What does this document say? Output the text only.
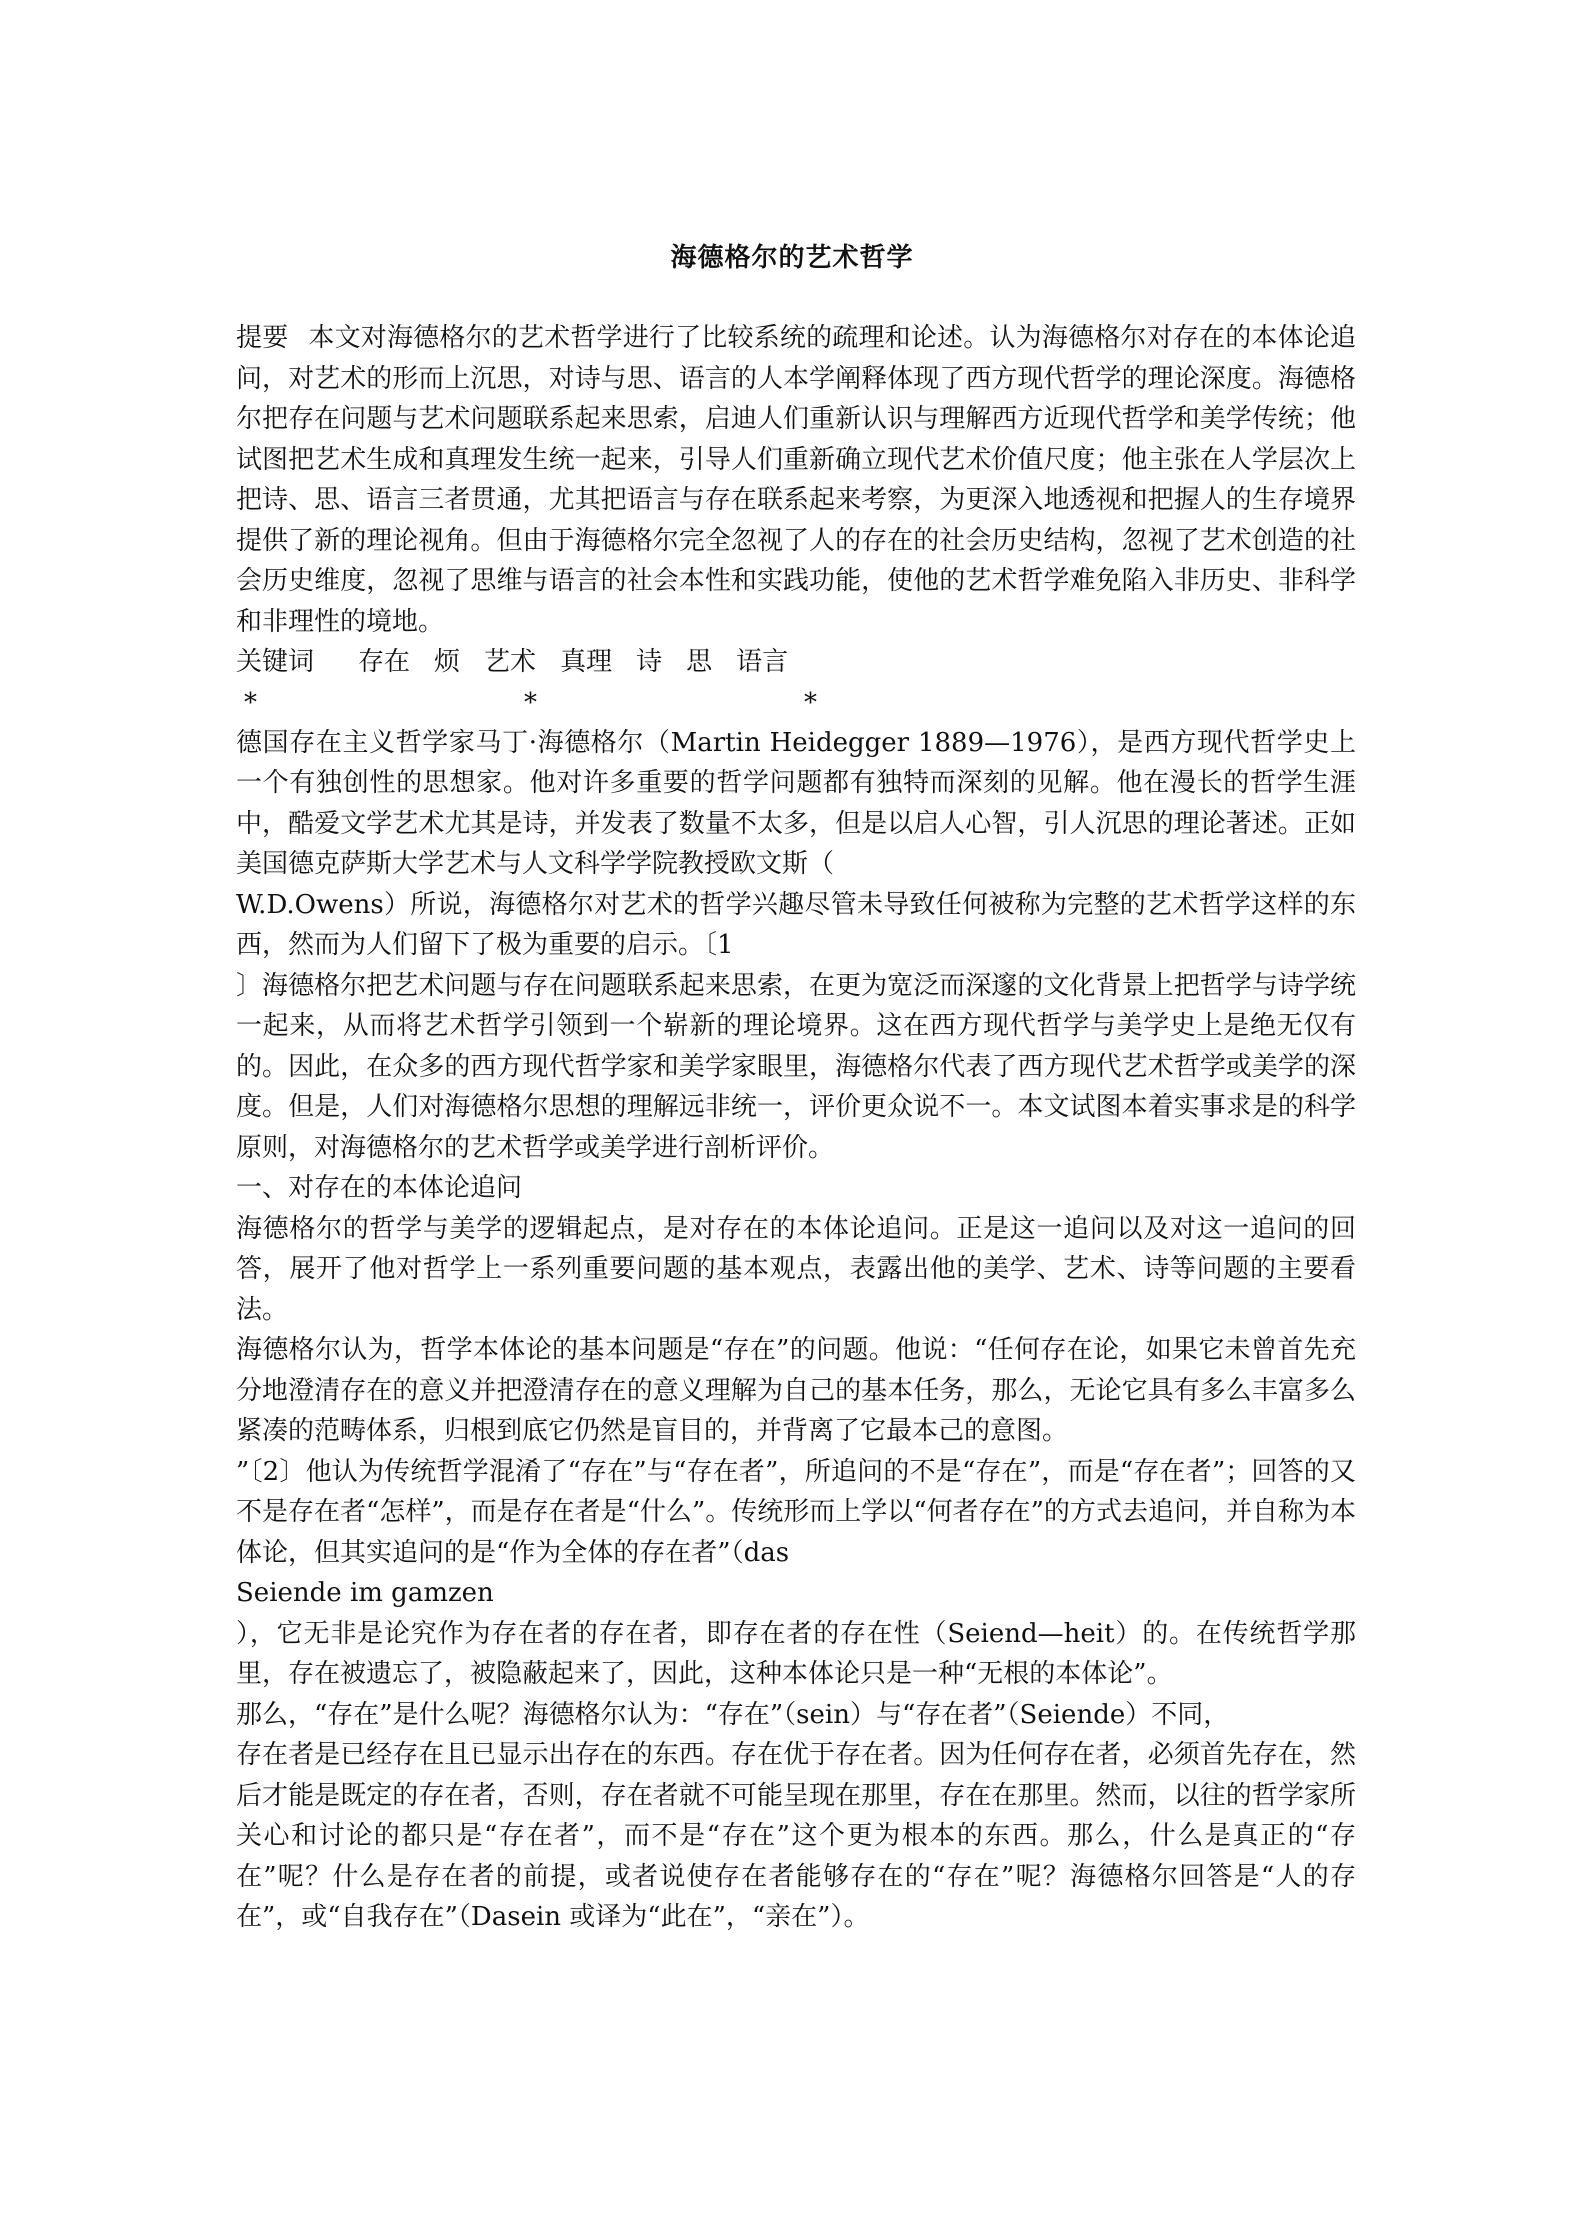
海德格尔的艺术哲学

提要 本文对海德格尔的艺术哲学进行了比较系统的疏理和论述。认为海德格尔对存在的本体论追问，对艺术的形而上沉思，对诗与思、语言的人本学阐释体现了西方现代哲学的理论深度。海德格尔把存在问题与艺术问题联系起来思索，启迪人们重新认识与理解西方近现代哲学和美学传统；他试图把艺术生成和真理发生统一起来，引导人们重新确立现代艺术价值尺度；他主张在人学层次上把诗、思、语言三者贯通，尤其把语言与存在联系起来考察，为更深入地透视和把握人的生存境界提供了新的理论视角。但由于海德格尔完全忽视了人的存在的社会历史结构，忽视了艺术创造的社会历史维度，忽视了思维与语言的社会本性和实践功能，使他的艺术哲学难免陷入非历史、非科学和非理性的境地。

关键词 存在 烦 艺术 真理 诗 思 语言

*	*	*

德国存在主义哲学家马丁·海德格尔（Martin Heidegger 1889—1976），是西方现代哲学史上一个有独创性的思想家。他对许多重要的哲学问题都有独特而深刻的见解。他在漫长的哲学生涯中，酷爱文学艺术尤其是诗，并发表了数量不太多，但是以启人心智，引人沉思的理论著述。正如美国德克萨斯大学艺术与人文科学学院教授欧文斯（

W.D.Owens）所说，海德格尔对艺术的哲学兴趣尽管未导致任何被称为完整的艺术哲学这样的东西，然而为人们留下了极为重要的启示。〔1

〕海德格尔把艺术问题与存在问题联系起来思索，在更为宽泛而深邃的文化背景上把哲学与诗学统一起来，从而将艺术哲学引领到一个崭新的理论境界。这在西方现代哲学与美学史上是绝无仅有的。因此，在众多的西方现代哲学家和美学家眼里，海德格尔代表了西方现代艺术哲学或美学的深度。但是，人们对海德格尔思想的理解远非统一，评价更众说不一。本文试图本着实事求是的科学原则，对海德格尔的艺术哲学或美学进行剖析评价。

一、对存在的本体论追问

海德格尔的哲学与美学的逻辑起点，是对存在的本体论追问。正是这一追问以及对这一追问的回答，展开了他对哲学上一系列重要问题的基本观点，表露出他的美学、艺术、诗等问题的主要看法。

海德格尔认为，哲学本体论的基本问题是“存在”的问题。他说：“任何存在论，如果它未曾首先充分地澄清存在的意义并把澄清存在的意义理解为自己的基本任务，那么，无论它具有多么丰富多么紧凑的范畴体系，归根到底它仍然是盲目的，并背离了它最本己的意图。

”〔2〕他认为传统哲学混淆了“存在”与“存在者”，所追问的不是“存在”，而是“存在者”；回答的又不是存在者“怎样”，而是存在者是“什么”。传统形而上学以“何者存在”的方式去追问，并自称为本体论，但其实追问的是“作为全体的存在者”（das

Seiende im gamzen

），它无非是论究作为存在者的存在者，即存在者的存在性（Seiend—heit）的。在传统哲学那里，存在被遗忘了，被隐蔽起来了，因此，这种本体论只是一种“无根的本体论”。

那么，“存在”是什么呢？海德格尔认为：“存在”（sein）与“存在者”（Seiende）不同，

存在者是已经存在且已显示出存在的东西。存在优于存在者。因为任何存在者，必须首先存在，然后才能是既定的存在者，否则，存在者就不可能呈现在那里，存在在那里。然而，以往的哲学家所关心和讨论的都只是“存在者”，而不是“存在”这个更为根本的东西。那么，什么是真正的“存在”呢？什么是存在者的前提，或者说使存在者能够存在的“存在”呢？海德格尔回答是“人的存在”，或“自我存在”（Dasein 或译为“此在”，“亲在”）。
